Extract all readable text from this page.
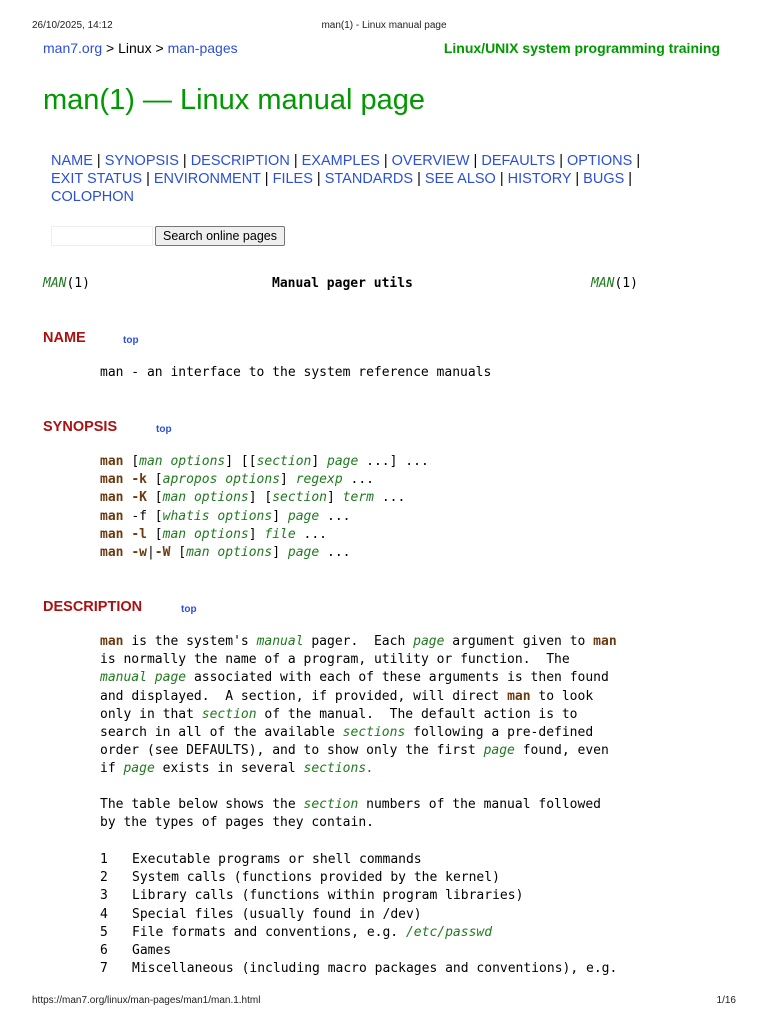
26/10/2025, 14:12	man(1) - Linux manual page
man7.org > Linux > man-pages	Linux/UNIX system programming training
man(1) — Linux manual page
NAME | SYNOPSIS | DESCRIPTION | EXAMPLES | OVERVIEW | DEFAULTS | OPTIONS | EXIT STATUS | ENVIRONMENT | FILES | STANDARDS | SEE ALSO | HISTORY | BUGS | COLOPHON
Search online pages
MAN(1)	Manual pager utils	MAN(1)
NAME	top
man - an interface to the system reference manuals
SYNOPSIS	top
man [man options] [[section] page ...] ...
man -k [apropos options] regexp ...
man -K [man options] [section] term ...
man -f [whatis options] page ...
man -l [man options] file ...
man -w|-W [man options] page ...
DESCRIPTION	top
man is the system's manual pager. Each page argument given to man
is normally the name of a program, utility or function. The
manual page associated with each of these arguments is then found
and displayed. A section, if provided, will direct man to look
only in that section of the manual. The default action is to
search in all of the available sections following a pre-defined
order (see DEFAULTS), and to show only the first page found, even
if page exists in several sections.
The table below shows the section numbers of the manual followed
by the types of pages they contain.
1 Executable programs or shell commands
2 System calls (functions provided by the kernel)
3 Library calls (functions within program libraries)
4 Special files (usually found in /dev)
5 File formats and conventions, e.g. /etc/passwd
6 Games
7 Miscellaneous (including macro packages and conventions), e.g.
https://man7.org/linux/man-pages/man1/man.1.html	1/16
